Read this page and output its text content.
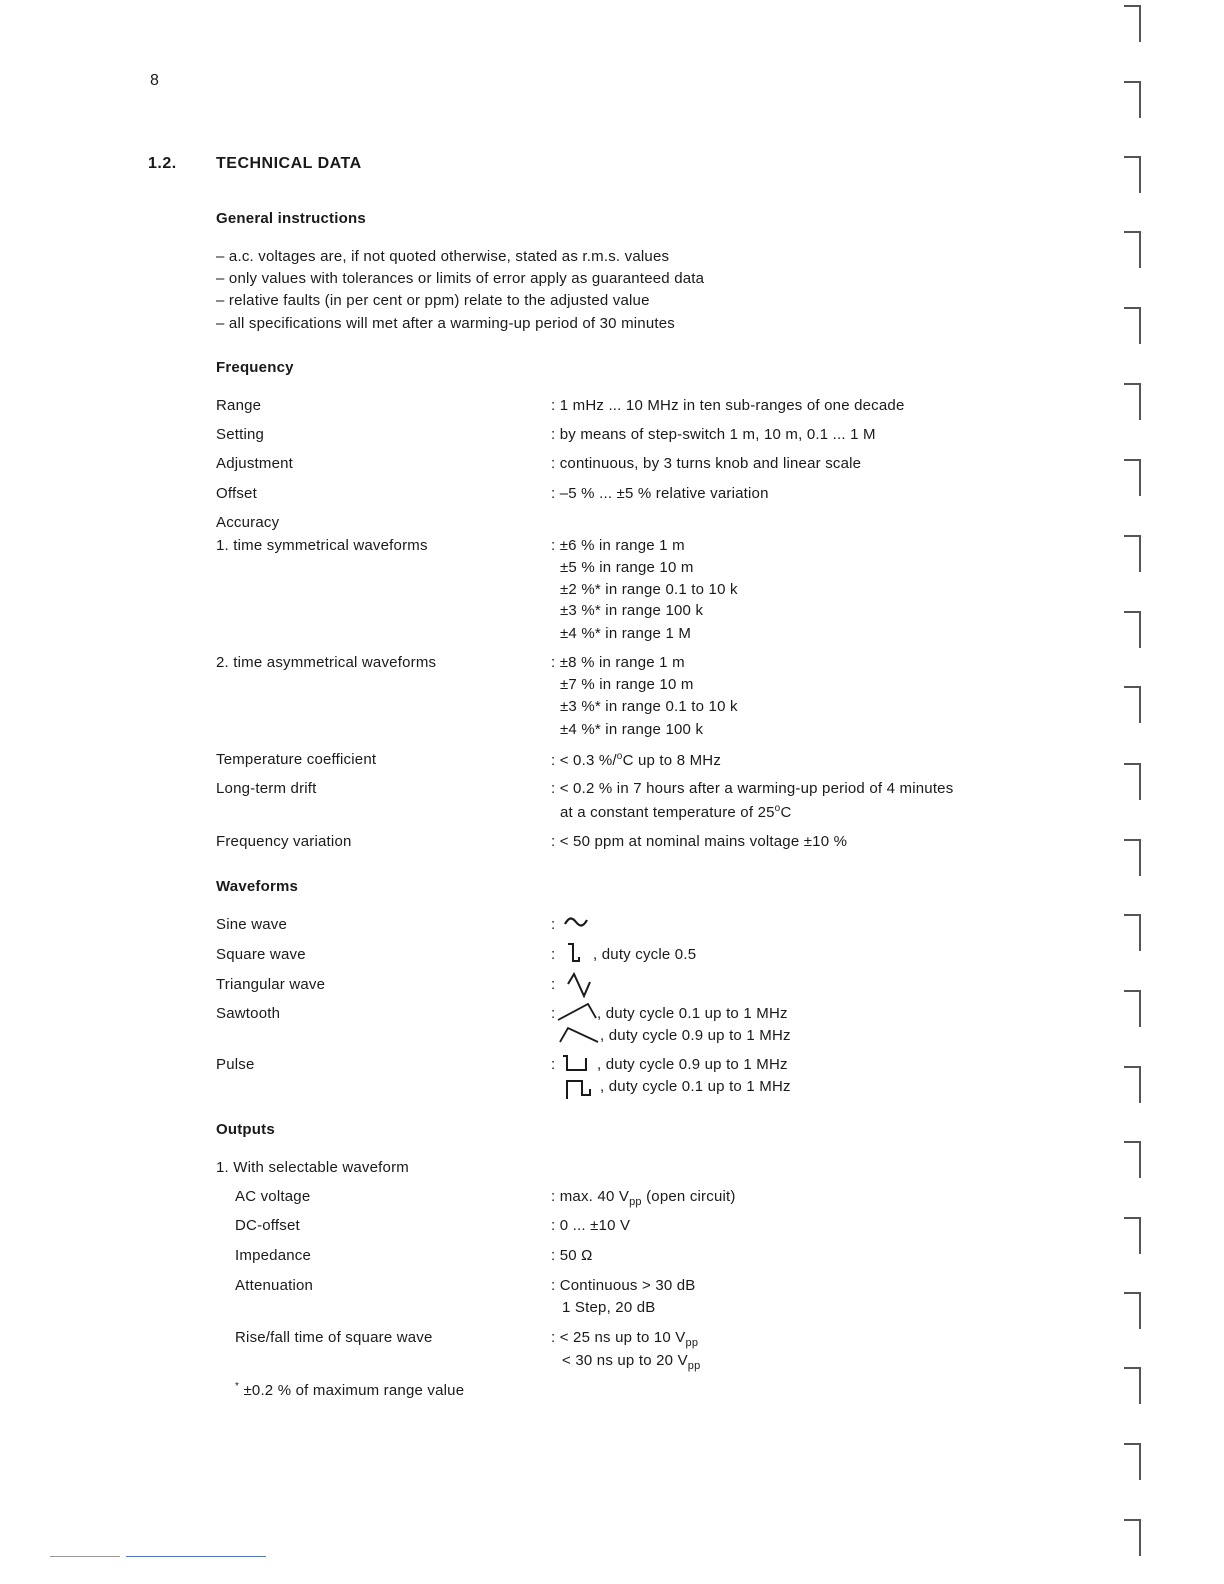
8
1.2. TECHNICAL DATA
General instructions
– a.c. voltages are, if not quoted otherwise, stated as r.m.s. values
– only values with tolerances or limits of error apply as guaranteed data
– relative faults (in per cent or ppm) relate to the adjusted value
– all specifications will met after a warming-up period of 30 minutes
Frequency
Range	: 1 mHz ... 10 MHz in ten sub-ranges of one decade
Setting	: by means of step-switch 1 m, 10 m, 0.1 ... 1 M
Adjustment	: continuous, by 3 turns knob and linear scale
Offset	: –5 % ... ±5 % relative variation
Accuracy
1. time symmetrical waveforms	: ±6 % in range 1 m
±5 % in range 10 m
±2 %* in range 0.1 to 10 k
±3 %* in range 100 k
±4 %* in range 1 M
2. time asymmetrical waveforms	: ±8 % in range 1 m
±7 % in range 10 m
±3 %* in range 0.1 to 10 k
±4 %* in range 100 k
Temperature coefficient	: < 0.3 %/$^o$C up to 8 MHz
Long-term drift	: < 0.2 % in 7 hours after a warming-up period of 4 minutes
at a constant temperature of 25$^o$C
Frequency variation	: < 50 ppm at nominal mains voltage ±10 %
Waveforms
Sine wave	:
Square wave	:	, duty cycle 0.5
Triangular wave	:
Sawtooth	:	, duty cycle 0.1 up to 1 MHz
, duty cycle 0.9 up to 1 MHz
Pulse	:	, duty cycle 0.9 up to 1 MHz
, duty cycle 0.1 up to 1 MHz
Outputs
1. With selectable waveform
AC voltage	: max. 40 $V_{pp}$ (open circuit)
DC-offset	: 0 ... ±10 V
Impedance	: 50 Ω
Attenuation	: Continuous > 30 dB
1 Step, 20 dB
Rise/fall time of square wave	: < 25 ns up to 10 $V_{pp}$
< 30 ns up to 20 $V_{pp}$
* ±0.2 % of maximum range value
